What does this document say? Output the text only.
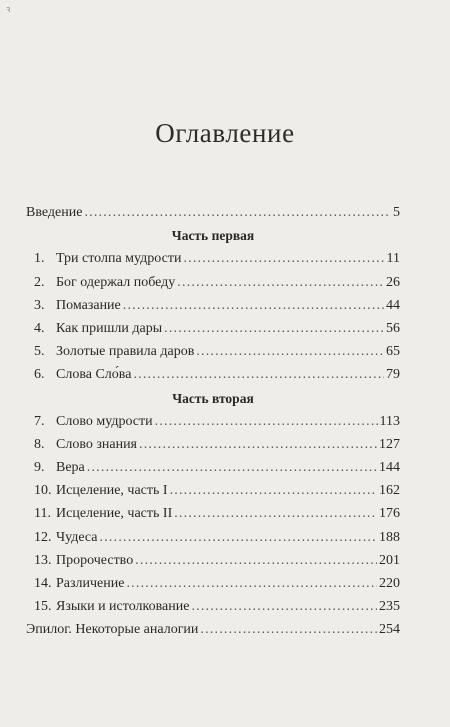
ꝛ
Оглавление
Введение .....	5
Часть первая
1. Три столпа мудрости .....	11
2. Бог одержал победу .....	26
3. Помазание .....	44
4. Как пришли дары .....	56
5. Золотые правила даров .....	65
6. Слова Сло́ва .....	79
Часть вторая
7. Слово мудрости .....	113
8. Слово знания .....	127
9. Вера .....	144
10. Исцеление, часть I .....	162
11. Исцеление, часть II .....	176
12. Чудеса .....	188
13. Пророчество .....	201
14. Различение .....	220
15. Языки и истолкование .....	235
Эпилог. Некоторые аналогии .....	254
